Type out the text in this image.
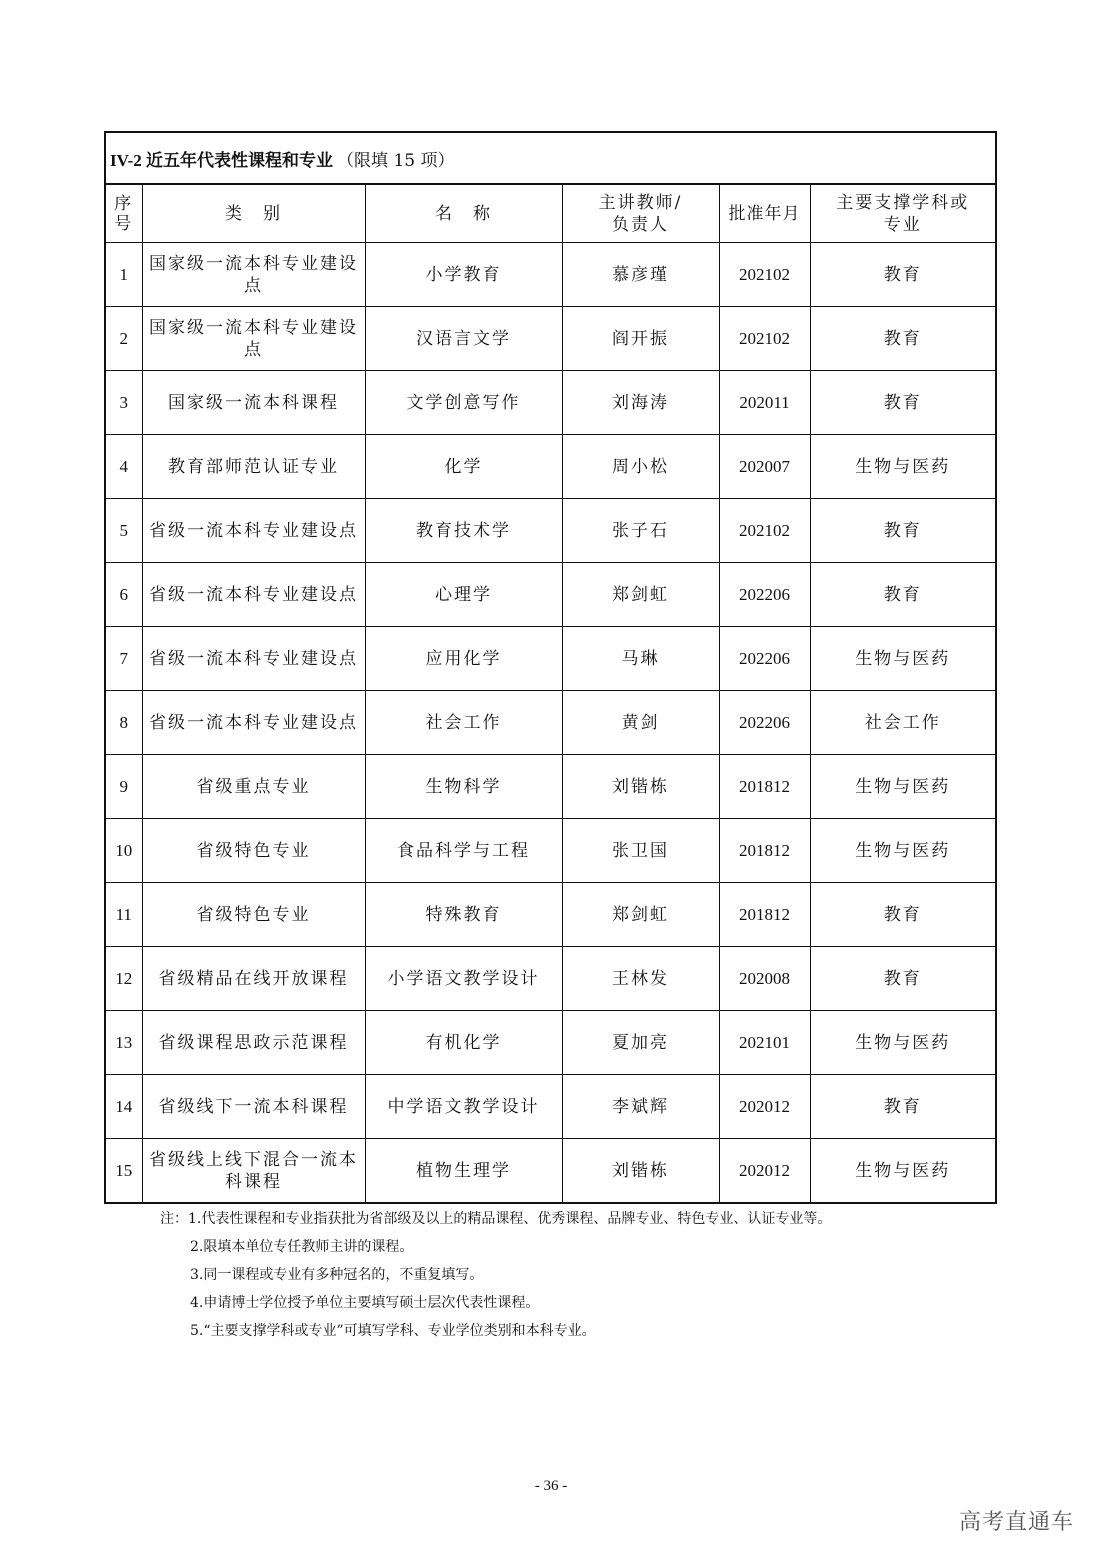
IV-2 近五年代表性课程和专业 （限填 15 项）
序号	类　别	名　称	主讲教师/负责人	批准年月	主要支撑学科或专业
1	国家级一流本科专业建设点	小学教育	慕彦瑾	202102	教育
2	国家级一流本科专业建设点	汉语言文学	阎开振	202102	教育
3	国家级一流本科课程	文学创意写作	刘海涛	202011	教育
4	教育部师范认证专业	化学	周小松	202007	生物与医药
5	省级一流本科专业建设点	教育技术学	张子石	202102	教育
6	省级一流本科专业建设点	心理学	郑剑虹	202206	教育
7	省级一流本科专业建设点	应用化学	马琳	202206	生物与医药
8	省级一流本科专业建设点	社会工作	黄剑	202206	社会工作
9	省级重点专业	生物科学	刘锴栋	201812	生物与医药
10	省级特色专业	食品科学与工程	张卫国	201812	生物与医药
11	省级特色专业	特殊教育	郑剑虹	201812	教育
12	省级精品在线开放课程	小学语文教学设计	王林发	202008	教育
13	省级课程思政示范课程	有机化学	夏加亮	202101	生物与医药
14	省级线下一流本科课程	中学语文教学设计	李斌辉	202012	教育
15	省级线上线下混合一流本科课程	植物生理学	刘锴栋	202012	生物与医药
注：1.代表性课程和专业指获批为省部级及以上的精品课程、优秀课程、品牌专业、特色专业、认证专业等。
2.限填本单位专任教师主讲的课程。
3.同一课程或专业有多种冠名的，不重复填写。
4.申请博士学位授予单位主要填写硕士层次代表性课程。
5.“主要支撑学科或专业”可填写学科、专业学位类别和本科专业。
- 36 -
高考直通车
